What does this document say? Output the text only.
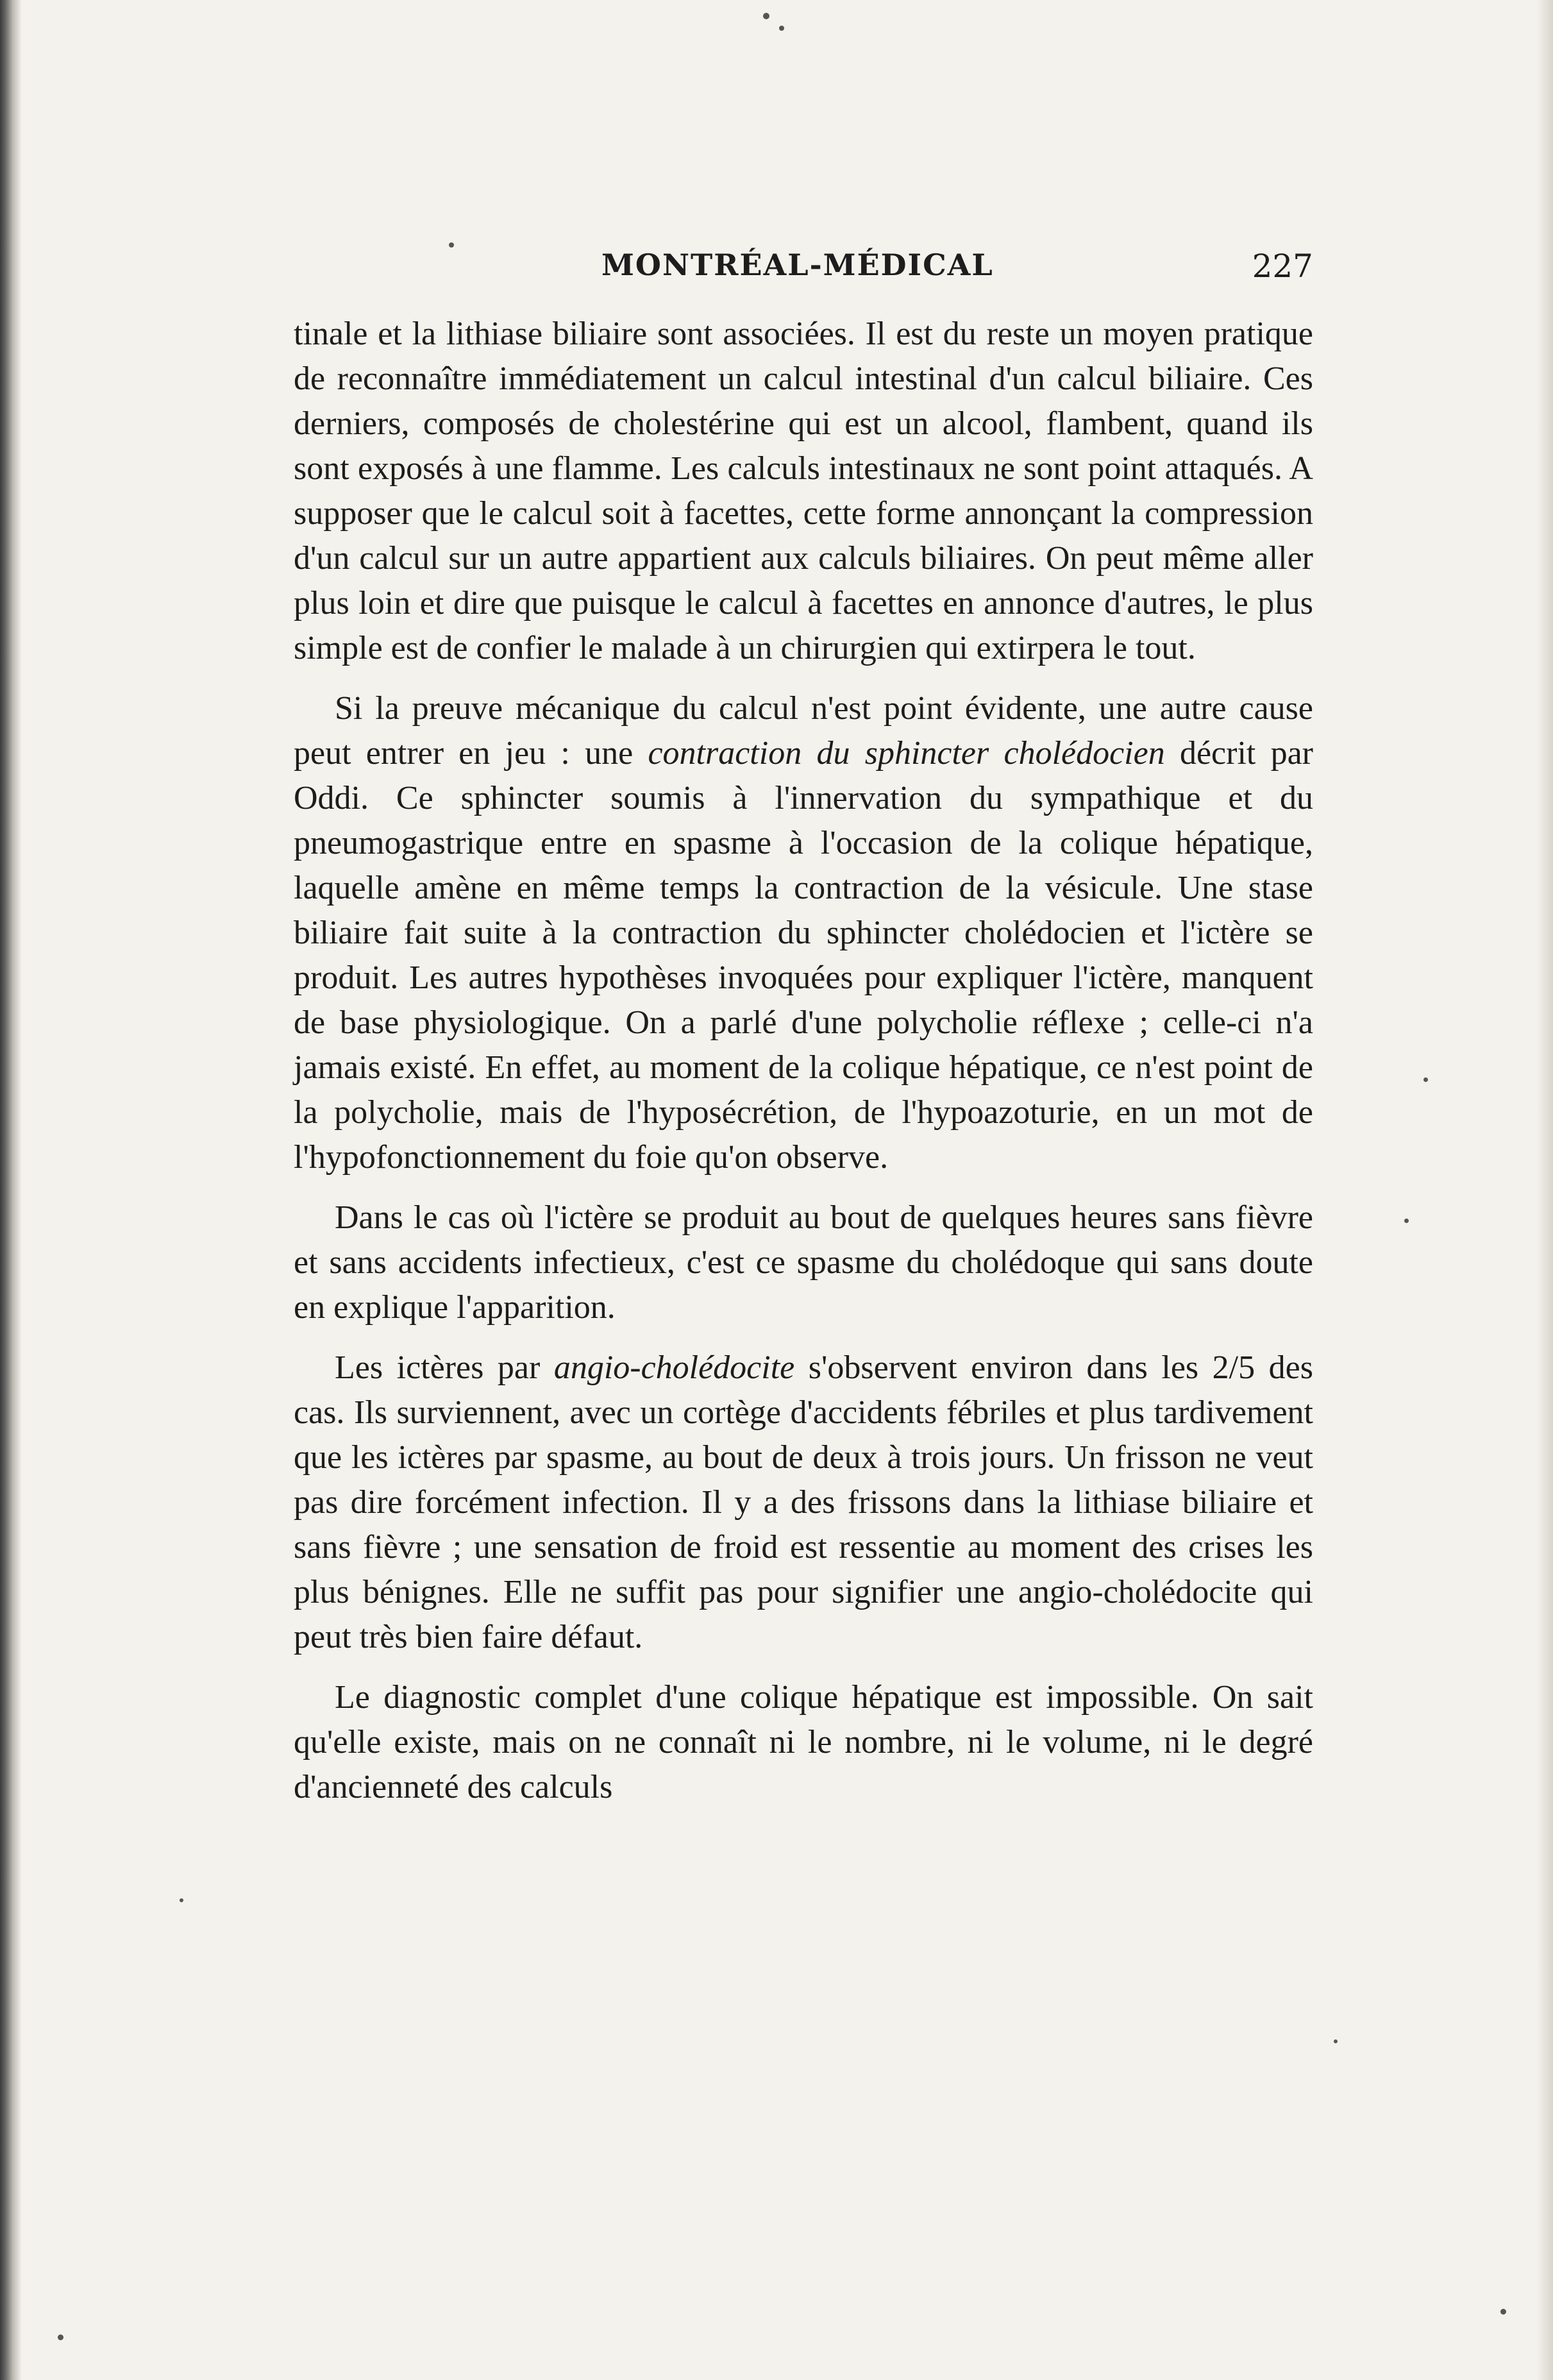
MONTRÉAL-MÉDICAL	227

tinale et la lithiase biliaire sont associées. Il est du reste un moyen pratique de reconnaître immédiatement un calcul intestinal d'un calcul biliaire. Ces derniers, composés de cholestérine qui est un alcool, flambent, quand ils sont exposés à une flamme. Les calculs intestinaux ne sont point attaqués. A supposer que le calcul soit à facettes, cette forme annonçant la compression d'un calcul sur un autre appartient aux calculs biliaires. On peut même aller plus loin et dire que puisque le calcul à facettes en annonce d'autres, le plus simple est de confier le malade à un chirurgien qui extirpera le tout.

Si la preuve mécanique du calcul n'est point évidente, une autre cause peut entrer en jeu : une contraction du sphincter cholédocien décrit par Oddi. Ce sphincter soumis à l'innervation du sympathique et du pneumogastrique entre en spasme à l'occasion de la colique hépatique, laquelle amène en même temps la contraction de la vésicule. Une stase biliaire fait suite à la contraction du sphincter cholédocien et l'ictère se produit. Les autres hypothèses invoquées pour expliquer l'ictère, manquent de base physiologique. On a parlé d'une polycholie réflexe ; celle-ci n'a jamais existé. En effet, au moment de la colique hépatique, ce n'est point de la polycholie, mais de l'hyposécrétion, de l'hypoazoturie, en un mot de l'hypofonctionnement du foie qu'on observe.

Dans le cas où l'ictère se produit au bout de quelques heures sans fièvre et sans accidents infectieux, c'est ce spasme du cholédoque qui sans doute en explique l'apparition.

Les ictères par angio-cholédocite s'observent environ dans les 2/5 des cas. Ils surviennent, avec un cortège d'accidents fébriles et plus tardivement que les ictères par spasme, au bout de deux à trois jours. Un frisson ne veut pas dire forcément infection. Il y a des frissons dans la lithiase biliaire et sans fièvre ; une sensation de froid est ressentie au moment des crises les plus bénignes. Elle ne suffit pas pour signifier une angio-cholédocite qui peut très bien faire défaut.

Le diagnostic complet d'une colique hépatique est impossible. On sait qu'elle existe, mais on ne connaît ni le nombre, ni le volume, ni le degré d'ancienneté des calculs
